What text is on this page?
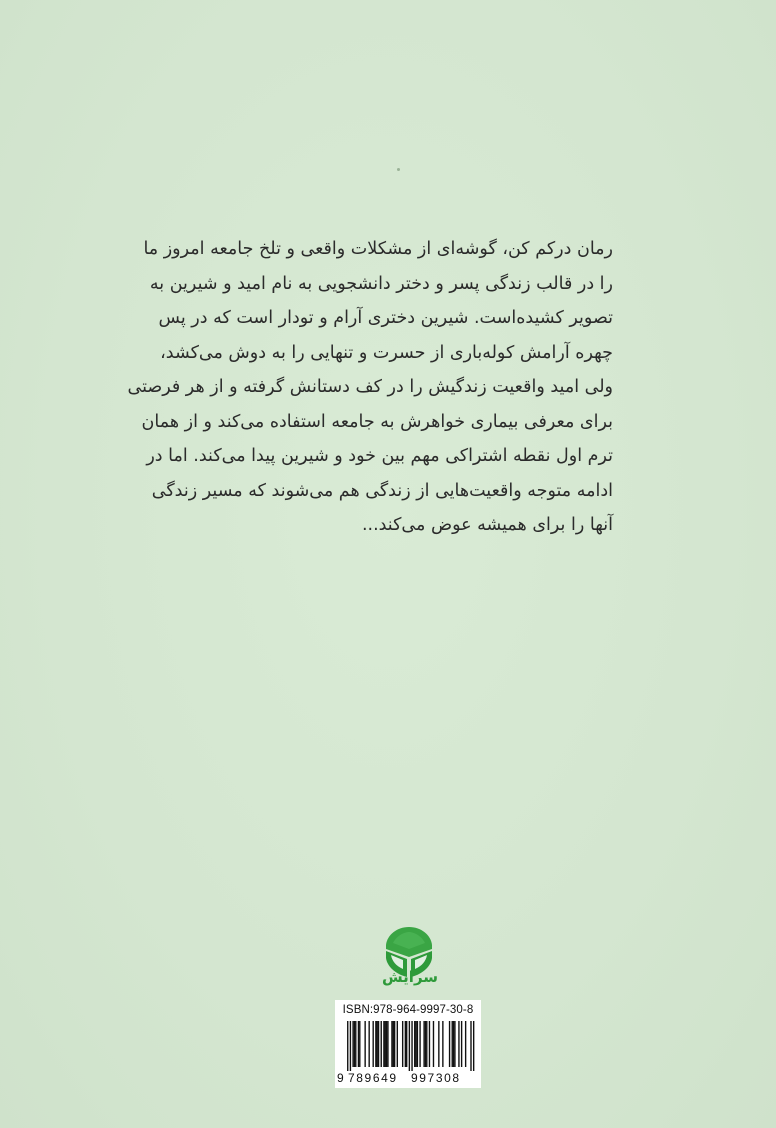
رمان درکم کن، گوشه‌ای از مشکلات واقعی و تلخ جامعه امروز ما
را در قالب زندگی پسر و دختر دانشجویی به نام امید و شیرین به
تصویر کشیده‌است. شیرین دختری آرام و تودار است که در پس
چهره آرامش کوله‌باری از حسرت و تنهایی را به دوش می‌کشد،
ولی امید واقعیت زندگیش را در کف دستانش گرفته و از هر فرصتی
برای معرفی بیماری خواهرش به جامعه استفاده می‌کند و از همان
ترم اول نقطه اشتراکی مهم بین خود و شیرین پیدا می‌کند. اما در
ادامه متوجه واقعیت‌هایی از زندگی هم می‌شوند که مسیر زندگی
آنها را برای همیشه عوض می‌کند...
سرایش
ISBN:978-964-9997-30-8
9 789649 997308
